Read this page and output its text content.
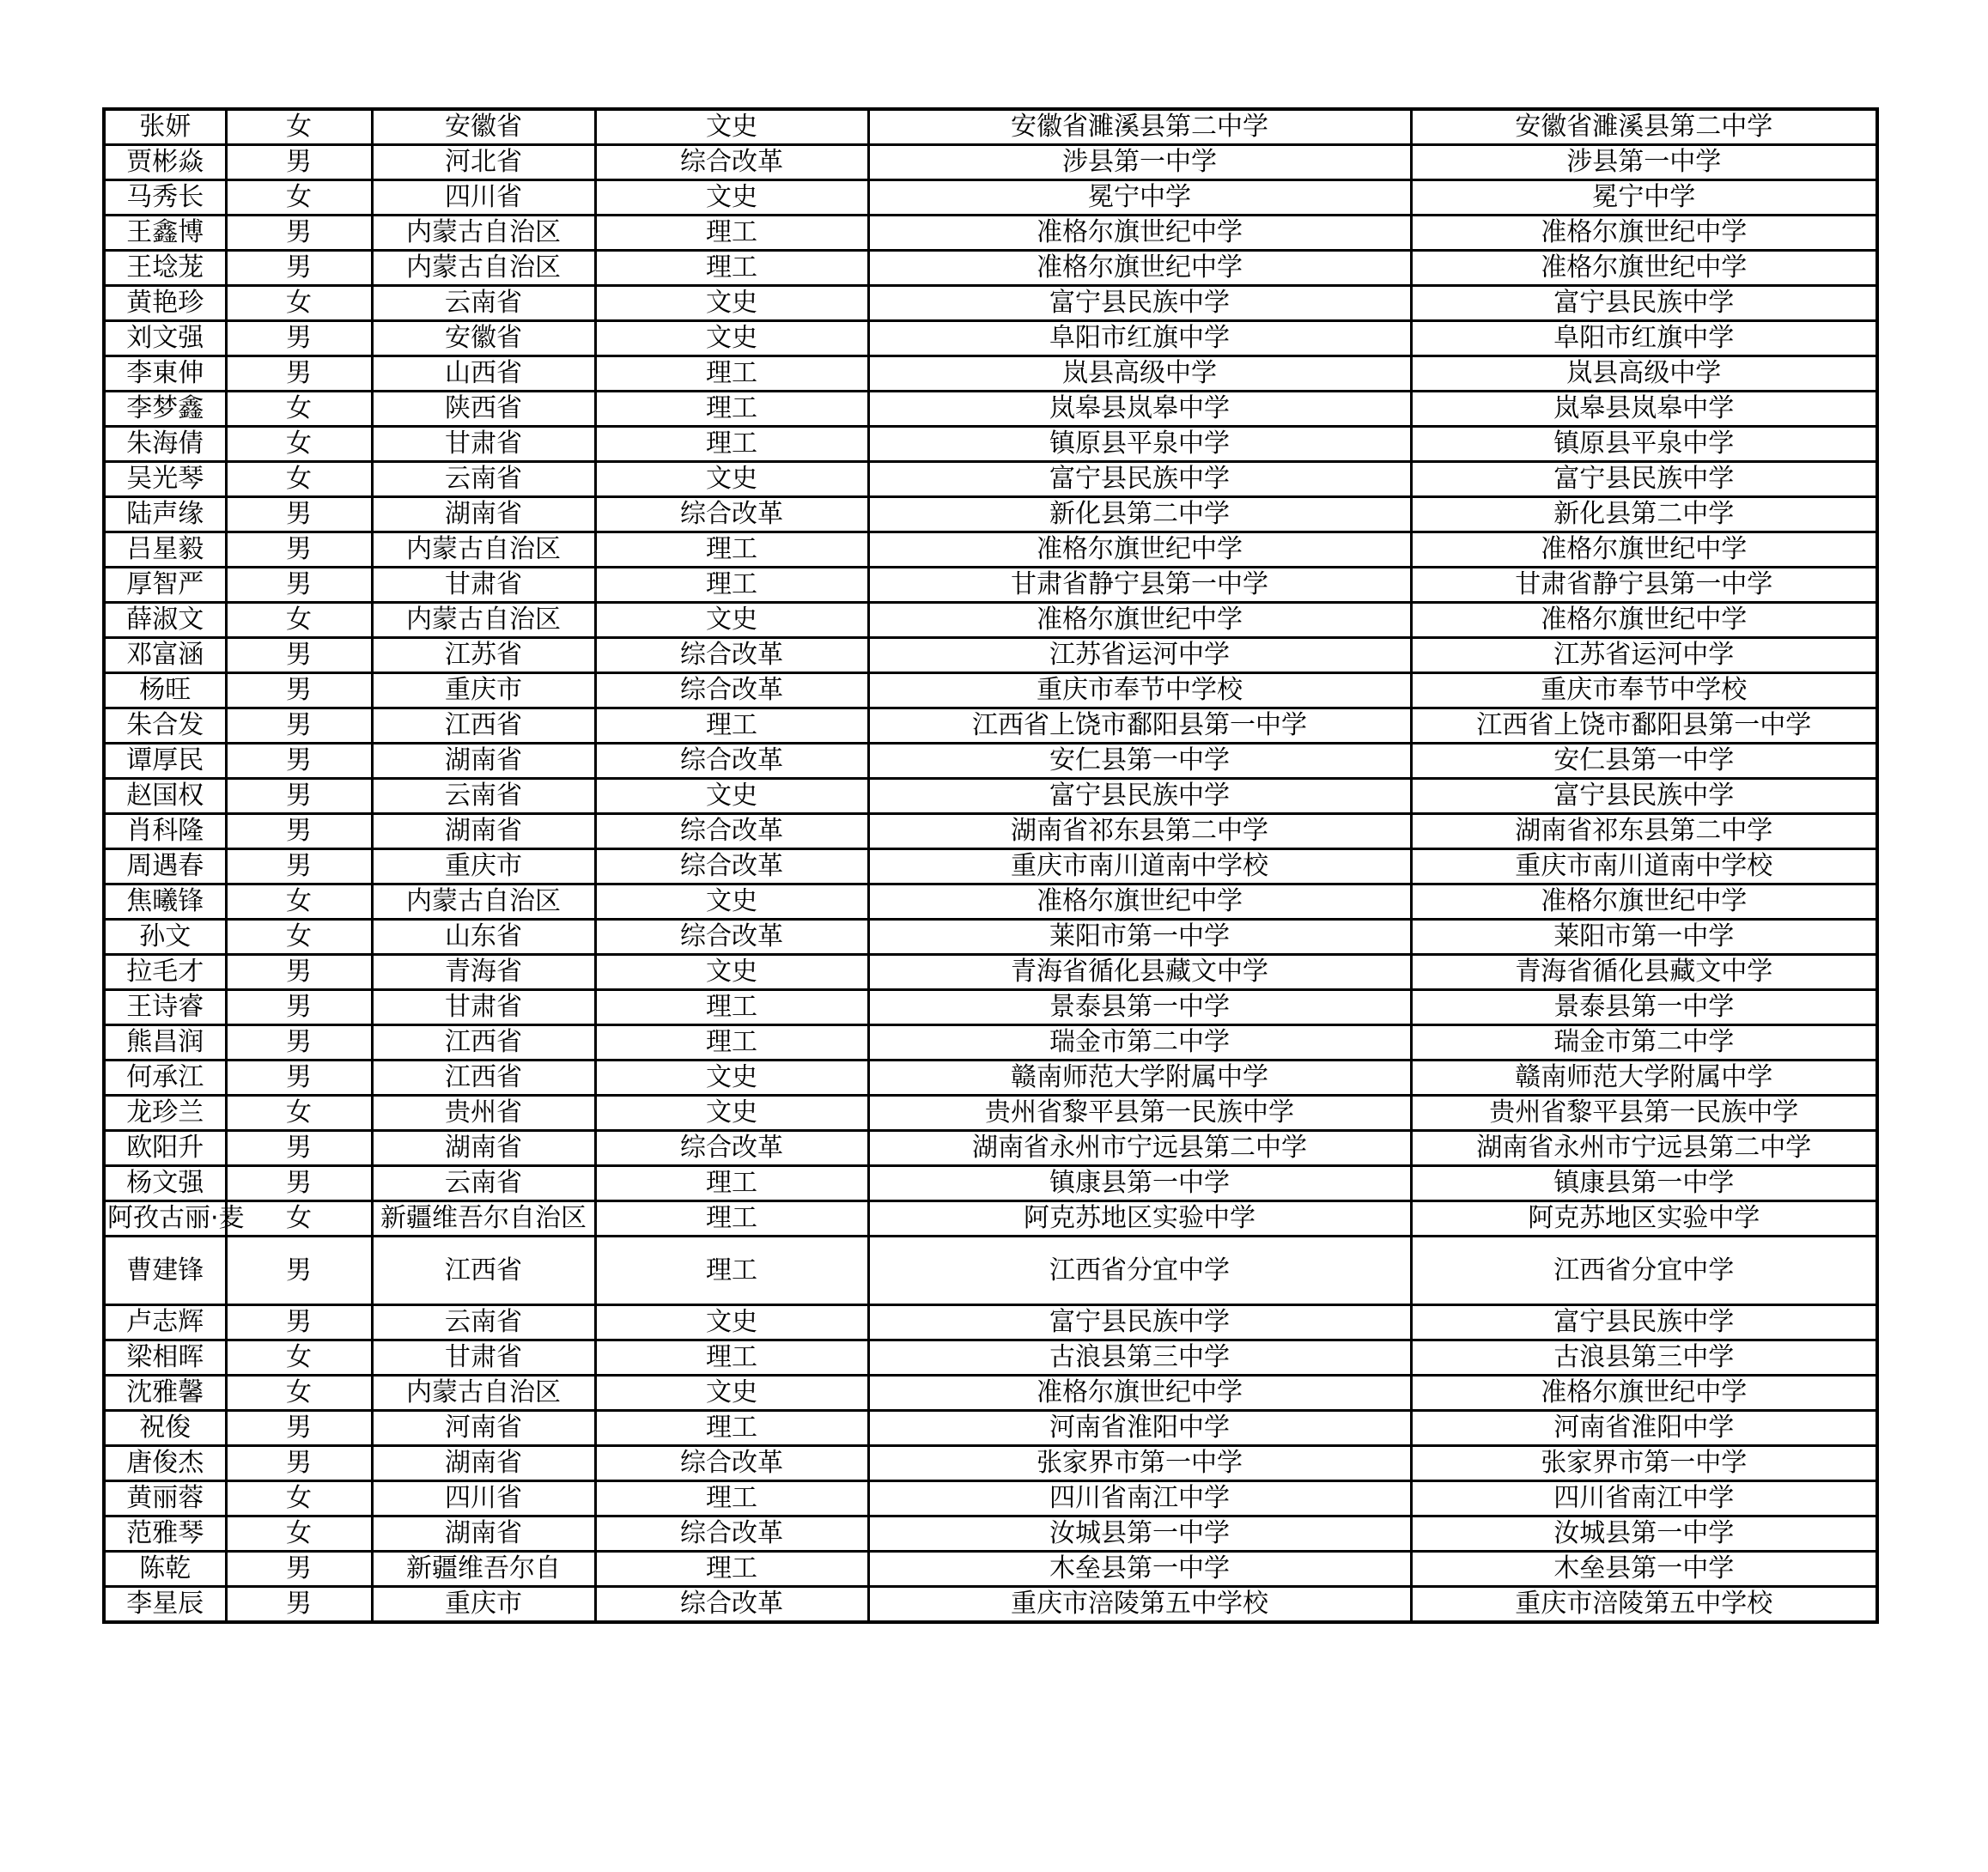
张妍	女	安徽省	文史	安徽省濉溪县第二中学	安徽省濉溪县第二中学
贾彬焱	男	河北省	综合改革	涉县第一中学	涉县第一中学
马秀长	女	四川省	文史	冕宁中学	冕宁中学
王鑫博	男	内蒙古自治区	理工	准格尔旗世纪中学	准格尔旗世纪中学
王埝茏	男	内蒙古自治区	理工	准格尔旗世纪中学	准格尔旗世纪中学
黄艳珍	女	云南省	文史	富宁县民族中学	富宁县民族中学
刘文强	男	安徽省	文史	阜阳市红旗中学	阜阳市红旗中学
李東伸	男	山西省	理工	岚县高级中学	岚县高级中学
李梦鑫	女	陕西省	理工	岚皋县岚皋中学	岚皋县岚皋中学
朱海倩	女	甘肃省	理工	镇原县平泉中学	镇原县平泉中学
吴光琴	女	云南省	文史	富宁县民族中学	富宁县民族中学
陆声缘	男	湖南省	综合改革	新化县第二中学	新化县第二中学
吕星毅	男	内蒙古自治区	理工	准格尔旗世纪中学	准格尔旗世纪中学
厚智严	男	甘肃省	理工	甘肃省静宁县第一中学	甘肃省静宁县第一中学
薛淑文	女	内蒙古自治区	文史	准格尔旗世纪中学	准格尔旗世纪中学
邓富涵	男	江苏省	综合改革	江苏省运河中学	江苏省运河中学
杨旺	男	重庆市	综合改革	重庆市奉节中学校	重庆市奉节中学校
朱合发	男	江西省	理工	江西省上饶市鄱阳县第一中学	江西省上饶市鄱阳县第一中学
谭厚民	男	湖南省	综合改革	安仁县第一中学	安仁县第一中学
赵国权	男	云南省	文史	富宁县民族中学	富宁县民族中学
肖科隆	男	湖南省	综合改革	湖南省祁东县第二中学	湖南省祁东县第二中学
周遇春	男	重庆市	综合改革	重庆市南川道南中学校	重庆市南川道南中学校
焦曦锋	女	内蒙古自治区	文史	准格尔旗世纪中学	准格尔旗世纪中学
孙文	女	山东省	综合改革	莱阳市第一中学	莱阳市第一中学
拉毛才	男	青海省	文史	青海省循化县藏文中学	青海省循化县藏文中学
王诗睿	男	甘肃省	理工	景泰县第一中学	景泰县第一中学
熊昌润	男	江西省	理工	瑞金市第二中学	瑞金市第二中学
何承江	男	江西省	文史	赣南师范大学附属中学	赣南师范大学附属中学
龙珍兰	女	贵州省	文史	贵州省黎平县第一民族中学	贵州省黎平县第一民族中学
欧阳升	男	湖南省	综合改革	湖南省永州市宁远县第二中学	湖南省永州市宁远县第二中学
杨文强	男	云南省	理工	镇康县第一中学	镇康县第一中学
阿孜古丽·麦	女	新疆维吾尔自治区	理工	阿克苏地区实验中学	阿克苏地区实验中学
曹建锋	男	江西省	理工	江西省分宜中学	江西省分宜中学
卢志辉	男	云南省	文史	富宁县民族中学	富宁县民族中学
梁相晖	女	甘肃省	理工	古浪县第三中学	古浪县第三中学
沈雅馨	女	内蒙古自治区	文史	准格尔旗世纪中学	准格尔旗世纪中学
祝俊	男	河南省	理工	河南省淮阳中学	河南省淮阳中学
唐俊杰	男	湖南省	综合改革	张家界市第一中学	张家界市第一中学
黄丽蓉	女	四川省	理工	四川省南江中学	四川省南江中学
范雅琴	女	湖南省	综合改革	汝城县第一中学	汝城县第一中学
陈乾	男	新疆维吾尔自	理工	木垒县第一中学	木垒县第一中学
李星辰	男	重庆市	综合改革	重庆市涪陵第五中学校	重庆市涪陵第五中学校
